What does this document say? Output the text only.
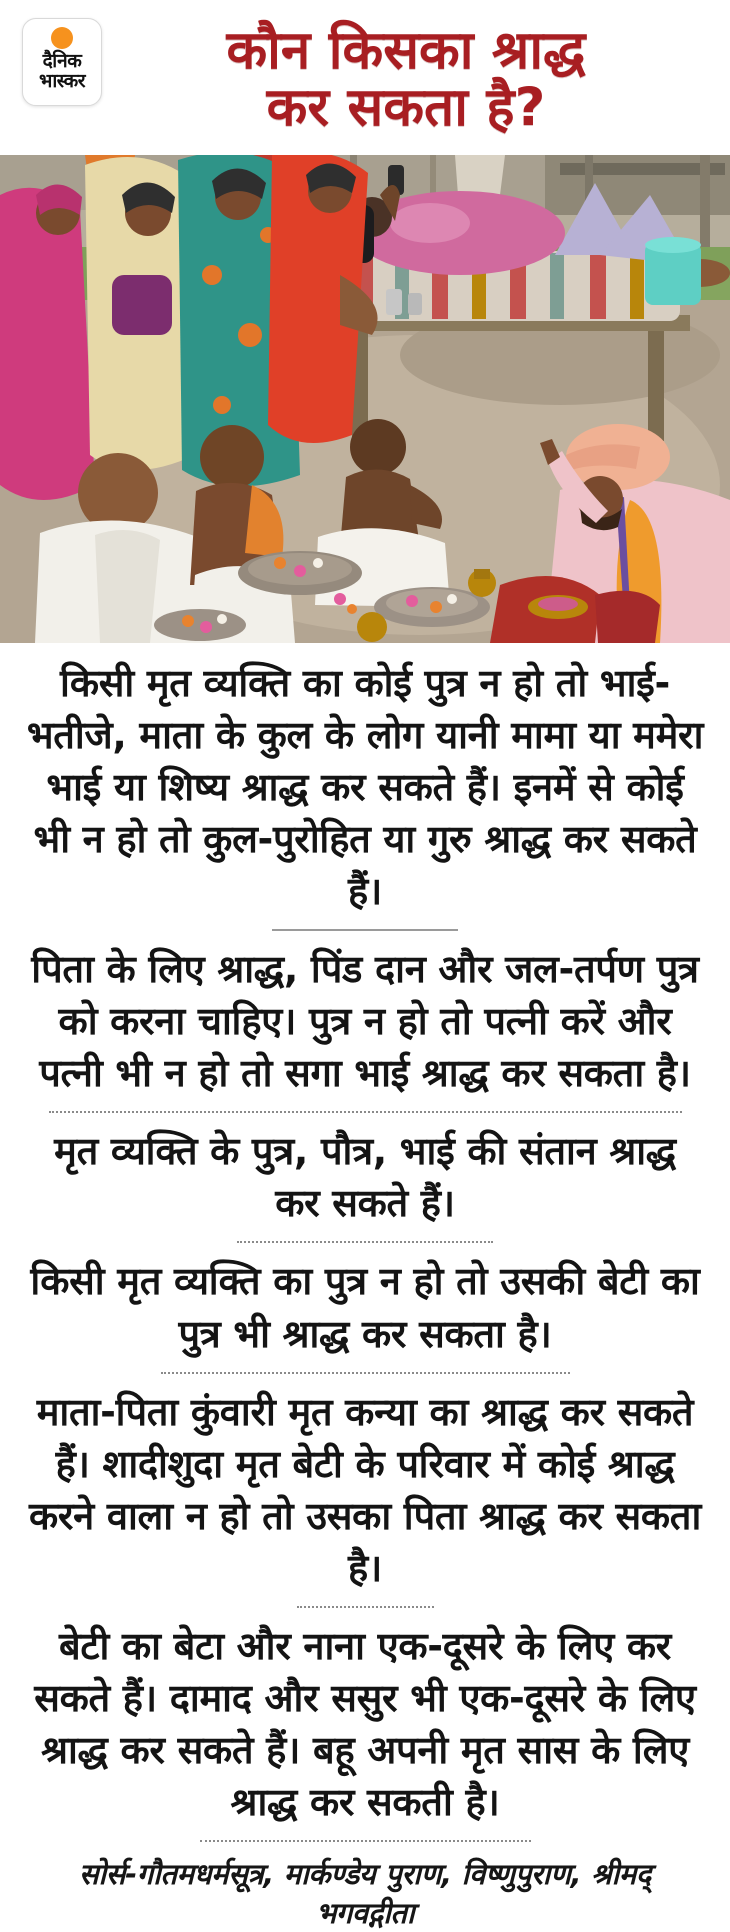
दैनिक
भास्कर	कौन किसका श्राद्ध
कर सकता है?

किसी मृत व्यक्ति का कोई पुत्र न हो तो भाई-भतीजे, माता के कुल के लोग यानी मामा या ममेरा भाई या शिष्य श्राद्ध कर सकते हैं। इनमें से कोई भी न हो तो कुल-पुरोहित या गुरु श्राद्ध कर सकते हैं।

पिता के लिए श्राद्ध, पिंड दान और जल-तर्पण पुत्र को करना चाहिए। पुत्र न हो तो पत्नी करें और पत्नी भी न हो तो सगा भाई श्राद्ध कर सकता है।

मृत व्यक्ति के पुत्र, पौत्र, भाई की संतान श्राद्ध कर सकते हैं।

किसी मृत व्यक्ति का पुत्र न हो तो उसकी बेटी का पुत्र भी श्राद्ध कर सकता है।

माता-पिता कुंवारी मृत कन्या का श्राद्ध कर सकते हैं। शादीशुदा मृत बेटी के परिवार में कोई श्राद्ध करने वाला न हो तो उसका पिता श्राद्ध कर सकता है।

बेटी का बेटा और नाना एक-दूसरे के लिए कर सकते हैं। दामाद और ससुर भी एक-दूसरे के लिए श्राद्ध कर सकते हैं। बहू अपनी मृत सास के लिए श्राद्ध कर सकती है।

सोर्स-गौतमधर्मसूत्र, मार्कण्डेय पुराण, विष्णुपुराण, श्रीमद् भगवद्गीता
